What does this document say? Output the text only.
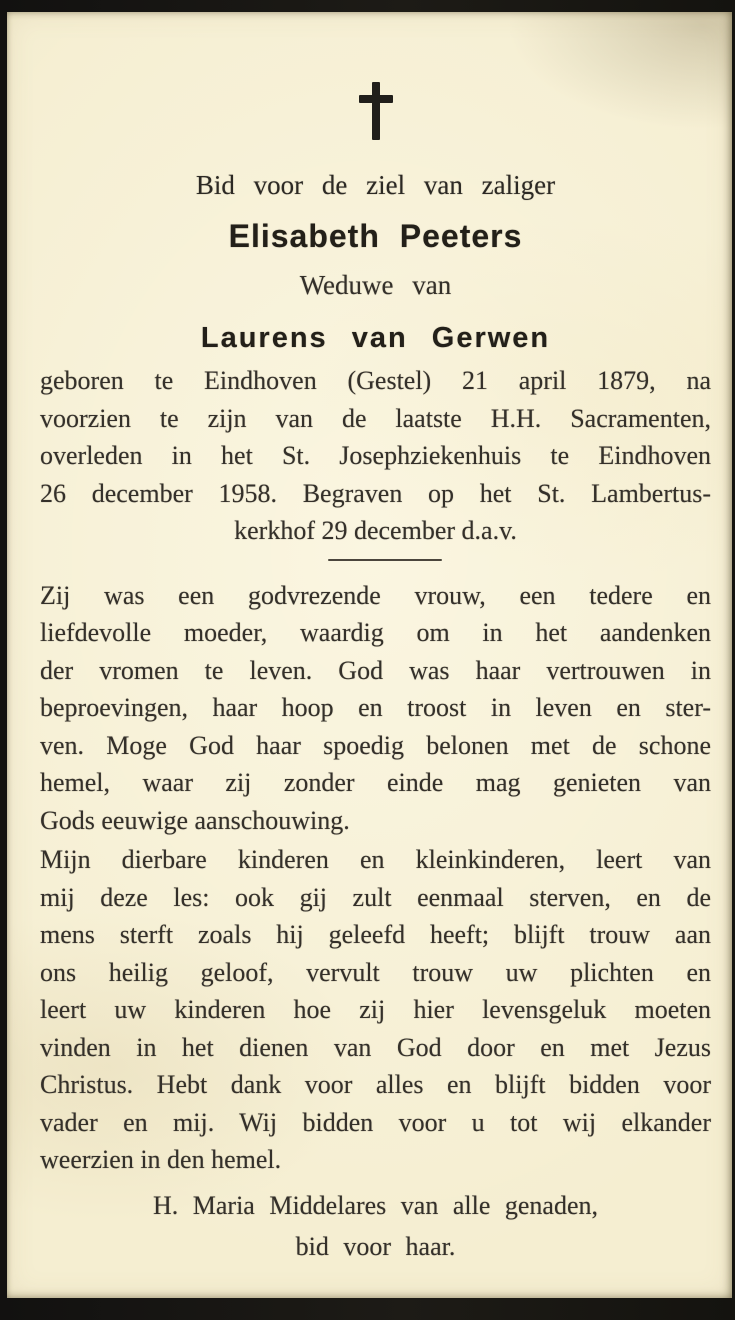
Bid voor de ziel van zaliger
Elisabeth Peeters
Weduwe van
Laurens van Gerwen
geboren te Eindhoven (Gestel) 21 april 1879, na
voorzien te zijn van de laatste H.H. Sacramenten,
overleden in het St. Josephziekenhuis te Eindhoven
26 december 1958. Begraven op het St. Lambertus-
kerkhof 29 december d.a.v.
Zij was een godvrezende vrouw, een tedere en
liefdevolle moeder, waardig om in het aandenken
der vromen te leven. God was haar vertrouwen in
beproevingen, haar hoop en troost in leven en ster-
ven. Moge God haar spoedig belonen met de schone
hemel, waar zij zonder einde mag genieten van
Gods eeuwige aanschouwing.
Mijn dierbare kinderen en kleinkinderen, leert van
mij deze les: ook gij zult eenmaal sterven, en de
mens sterft zoals hij geleefd heeft; blijft trouw aan
ons heilig geloof, vervult trouw uw plichten en
leert uw kinderen hoe zij hier levensgeluk moeten
vinden in het dienen van God door en met Jezus
Christus. Hebt dank voor alles en blijft bidden voor
vader en mij. Wij bidden voor u tot wij elkander
weerzien in den hemel.
H. Maria Middelares van alle genaden,
bid voor haar.
